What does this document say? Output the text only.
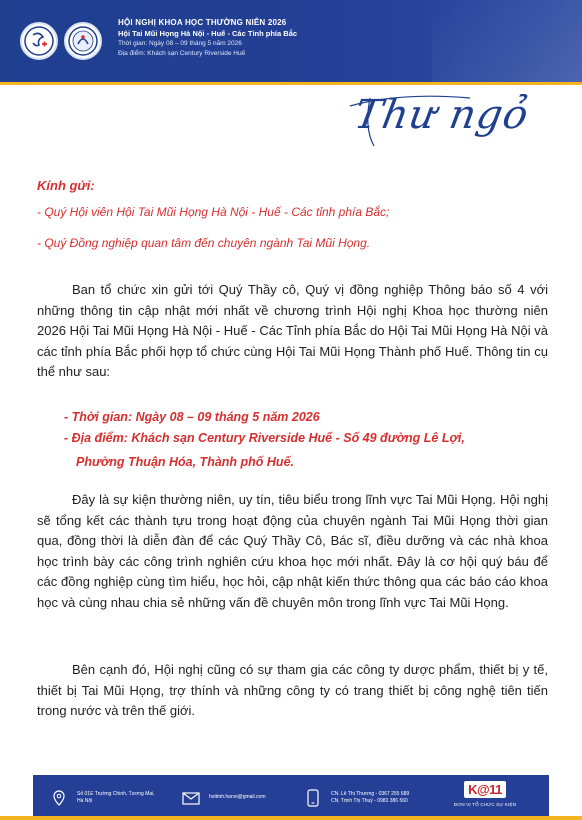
HỘI NGHỊ KHOA HỌC THƯỜNG NIÊN 2026
Hội Tai Mũi Họng Hà Nội - Huế - Các Tỉnh phía Bắc
Thời gian: Ngày 08 – 09 tháng 5 năm 2026
Địa điểm: Khách sạn Century Riverside Huế
Thư ngỏ
Kính gửi:
- Quý Hội viên Hội Tai Mũi Họng Hà Nội - Huế - Các tỉnh phía Bắc;
- Quý Đồng nghiệp quan tâm đến chuyên ngành Tai Mũi Họng.
Ban tổ chức xin gửi tới Quý Thầy cô, Quý vị đồng nghiệp Thông báo số 4 với những thông tin cập nhật mới nhất về chương trình Hội nghị Khoa học thường niên 2026 Hội Tai Mũi Họng Hà Nội - Huế - Các Tỉnh phía Bắc do Hội Tai Mũi Họng Hà Nội và các tỉnh phía Bắc phối hợp tổ chức cùng Hội Tai Mũi Họng Thành phố Huế. Thông tin cụ thể như sau:
- Thời gian: Ngày 08 – 09 tháng 5 năm 2026
- Địa điểm: Khách sạn Century Riverside Huế - Số 49 đường Lê Lợi,
Phường Thuận Hóa, Thành phố Huế.
Đây là sự kiện thường niên, uy tín, tiêu biểu trong lĩnh vực Tai Mũi Họng. Hội nghị sẽ tổng kết các thành tựu trong hoạt động của chuyên ngành Tai Mũi Họng thời gian qua, đồng thời là diễn đàn để các Quý Thầy Cô, Bác sĩ, điều dưỡng và các nhà khoa học trình bày các công trình nghiên cứu khoa học mới nhất. Đây là cơ hội quý báu để các đồng nghiệp cùng tìm hiểu, học hỏi, cập nhật kiến thức thông qua các báo cáo khoa học và cùng nhau chia sẻ những vấn đề chuyên môn trong lĩnh vực Tai Mũi Họng.
Bên cạnh đó, Hội nghị cũng có sự tham gia các công ty dược phẩm, thiết bị y tế, thiết bị Tai Mũi Họng, trợ thính và những công ty có trang thiết bị công nghệ tiên tiến trong nước và trên thế giới.
Số 01E Trường Chinh, Tương Mai,
Hà Nội
hoitmh.hanoi@gmail.com
CN. Lê Thị Thương - 0367 255 689
CN. Trịnh Thị Thuý - 0983 386 560
K@11
ĐƠN VỊ TỔ CHỨC SỰ KIỆN
